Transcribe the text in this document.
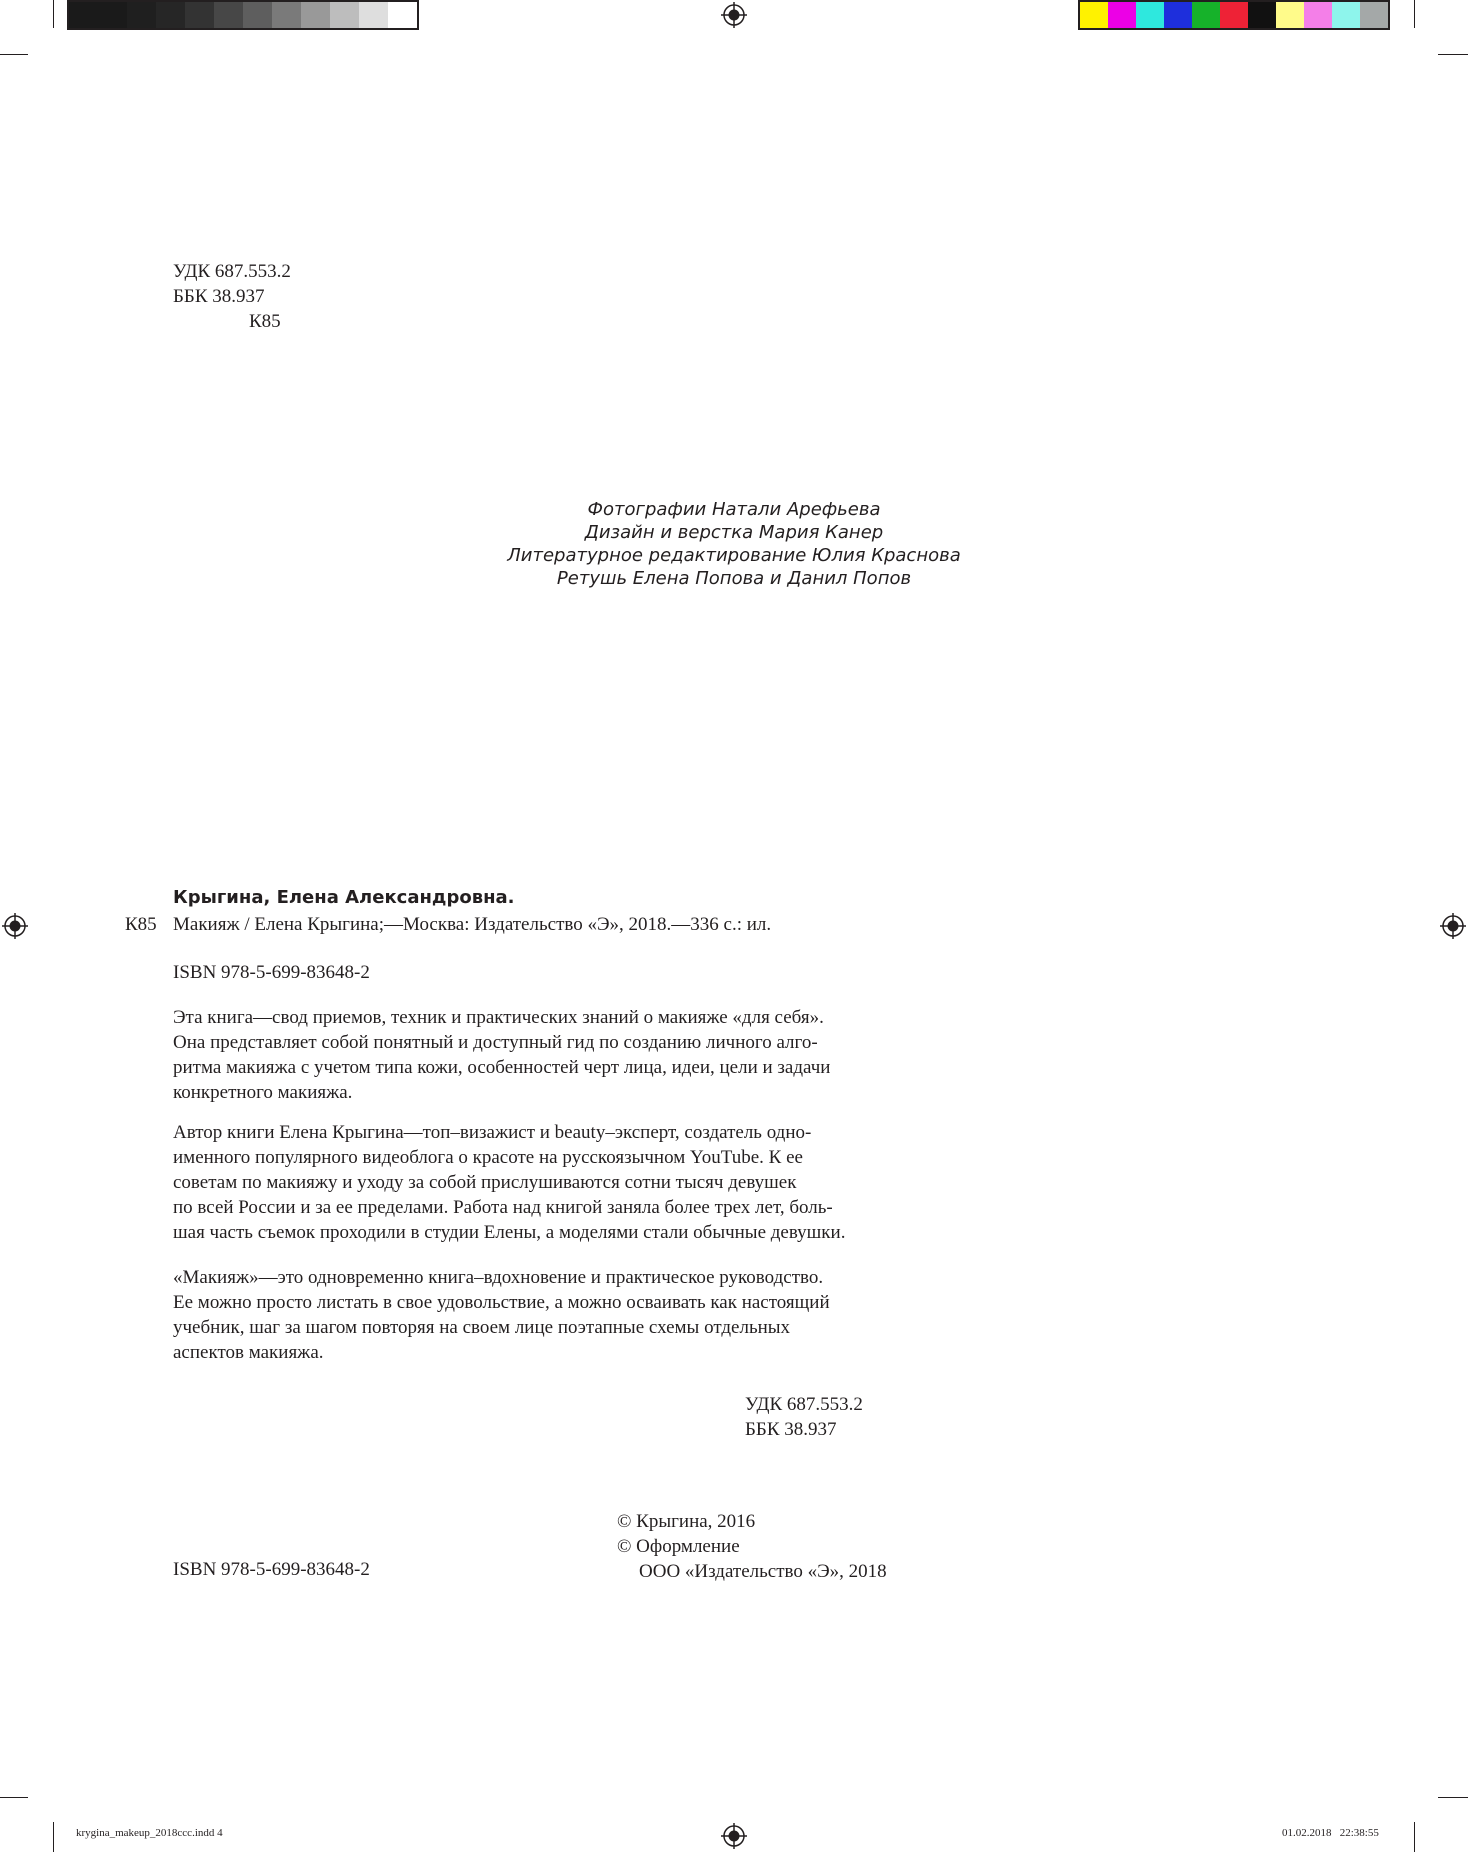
УДК 687.553.2
ББК 38.937
К85
Фотографии Натали Арефьева
Дизайн и верстка Мария Канер
Литературное редактирование Юлия Краснова
Ретушь Елена Попова и Данил Попов
Крыгина, Елена Александровна.
К85 Макияж / Елена Крыгина;—Москва: Издательство «Э», 2018.—336 с.: ил.
ISBN 978-5-699-83648-2
Эта книга—свод приемов, техник и практических знаний о макияже «для себя».
Она представляет собой понятный и доступный гид по созданию личного алго-
ритма макияжа с учетом типа кожи, особенностей черт лица, идеи, цели и задачи
конкретного макияжа.
Автор книги Елена Крыгина—топ–визажист и beauty–эксперт, создатель одно-
именного популярного видеоблога о красоте на русскоязычном YouTube. К ее
советам по макияжу и уходу за собой прислушиваются сотни тысяч девушек
по всей России и за ее пределами. Работа над книгой заняла более трех лет, боль-
шая часть съемок проходили в студии Елены, а моделями стали обычные девушки.
«Макияж»—это одновременно книга–вдохновение и практическое руководство.
Ее можно просто листать в свое удовольствие, а можно осваивать как настоящий
учебник, шаг за шагом повторяя на своем лице поэтапные схемы отдельных
аспектов макияжа.
УДК 687.553.2
ББК 38.937
© Крыгина, 2016
© Оформление
ООО «Издательство «Э», 2018
ISBN 978-5-699-83648-2
krygina_makeup_2018ccc.indd 4	01.02.2018   22:38:55
